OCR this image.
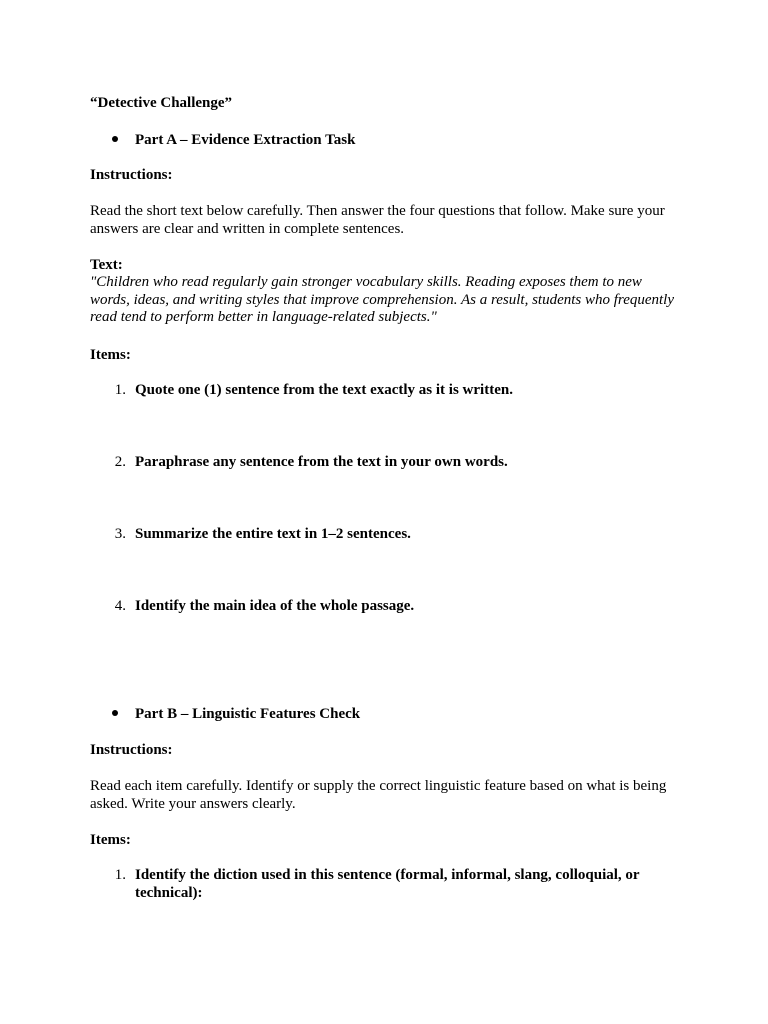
“Detective Challenge”
Part A – Evidence Extraction Task
Instructions:
Read the short text below carefully. Then answer the four questions that follow. Make sure your answers are clear and written in complete sentences.
Text:
"Children who read regularly gain stronger vocabulary skills. Reading exposes them to new words, ideas, and writing styles that improve comprehension. As a result, students who frequently read tend to perform better in language-related subjects."
Items:
1. Quote one (1) sentence from the text exactly as it is written.
2. Paraphrase any sentence from the text in your own words.
3. Summarize the entire text in 1–2 sentences.
4. Identify the main idea of the whole passage.
Part B – Linguistic Features Check
Instructions:
Read each item carefully. Identify or supply the correct linguistic feature based on what is being asked. Write your answers clearly.
Items:
1. Identify the diction used in this sentence (formal, informal, slang, colloquial, or technical):
